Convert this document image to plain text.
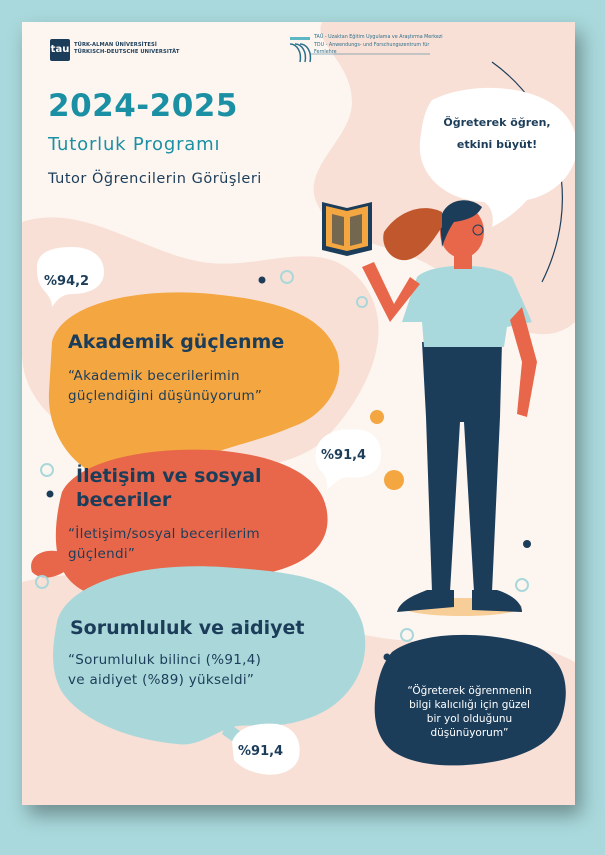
tau TÜRK-ALMAN ÜNİVERSİTESİ
TÜRKISCH-DEUTSCHE UNIVERSITÄT
TAÜ - Uzaktan Eğitim Uygulama ve Araştırma Merkezi
TDU - Anwendungs- und Forschungszentrum für Fernlehre
2024-2025
Tutorluk Programı
Tutor Öğrencilerin Görüşleri
Öğreterek öğren,
etkini büyüt!
%94,2
Akademik güçlenme
“Akademik becerilerimin
güçlendiğini düşünüyorum”
%91,4
İletişim ve sosyal
beceriler
“İletişim/sosyal becerilerim
güçlendi”
Sorumluluk ve aidiyet
“Sorumluluk bilinci (%91,4)
ve aidiyet (%89) yükseldi”
%91,4
“Öğreterek öğrenmenin
bilgi kalıcılığı için güzel
bir yol olduğunu
düşünüyorum”
